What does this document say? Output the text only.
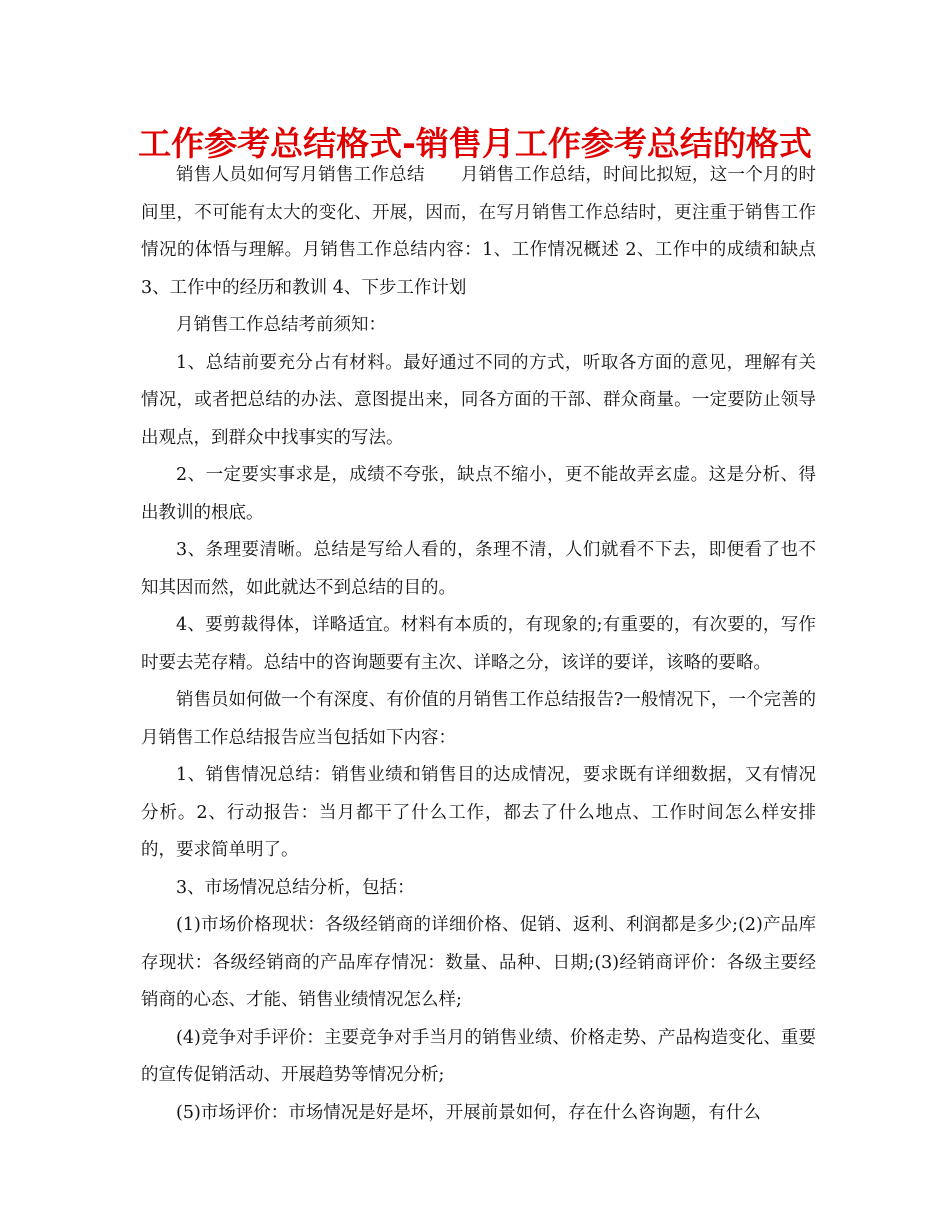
工作参考总结格式-销售月工作参考总结的格式

销售人员如何写月销售工作总结 月销售工作总结，时间比拟短，这一个月的时间里，不可能有太大的变化、开展，因而，在写月销售工作总结时，更注重于销售工作情况的体悟与理解。月销售工作总结内容：1、工作情况概述 2、工作中的成绩和缺点 3、工作中的经历和教训 4、下步工作计划

月销售工作总结考前须知：

1、总结前要充分占有材料。最好通过不同的方式，听取各方面的意见，理解有关情况，或者把总结的办法、意图提出来，同各方面的干部、群众商量。一定要防止领导出观点，到群众中找事实的写法。

2、一定要实事求是，成绩不夸张，缺点不缩小，更不能故弄玄虚。这是分析、得出教训的根底。

3、条理要清晰。总结是写给人看的，条理不清，人们就看不下去，即便看了也不知其因而然，如此就达不到总结的目的。

4、要剪裁得体，详略适宜。材料有本质的，有现象的;有重要的，有次要的，写作时要去芜存精。总结中的咨询题要有主次、详略之分，该详的要详，该略的要略。

销售员如何做一个有深度、有价值的月销售工作总结报告?一般情况下，一个完善的月销售工作总结报告应当包括如下内容：

1、销售情况总结：销售业绩和销售目的达成情况，要求既有详细数据，又有情况分析。2、行动报告：当月都干了什么工作，都去了什么地点、工作时间怎么样安排的，要求简单明了。

3、市场情况总结分析，包括：

(1)市场价格现状：各级经销商的详细价格、促销、返利、利润都是多少;(2)产品库存现状：各级经销商的产品库存情况：数量、品种、日期;(3)经销商评价：各级主要经销商的心态、才能、销售业绩情况怎么样;

(4)竞争对手评价：主要竞争对手当月的销售业绩、价格走势、产品构造变化、重要的宣传促销活动、开展趋势等情况分析;

(5)市场评价：市场情况是好是坏，开展前景如何，存在什么咨询题，有什么
